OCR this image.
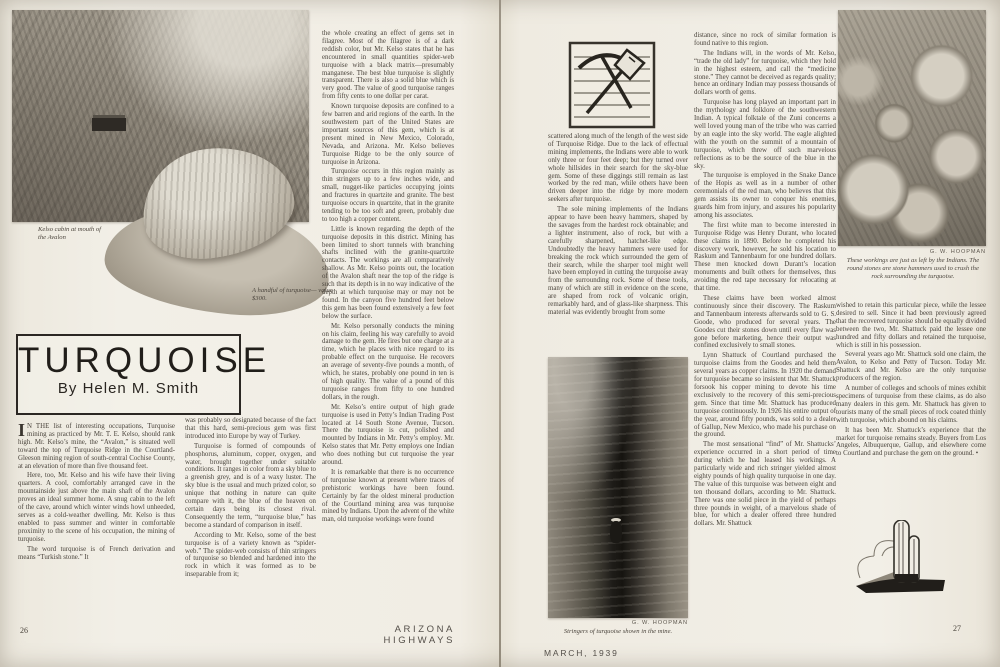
Kelso cabin at mouth of the Avalon
A handful of turquoise— value $300.
TURQUOISE
By Helen M. Smith

I N THE list of interesting occupations, Turquoise mining as practiced by Mr. T. E. Kelso, should rank high. Mr. Kelso’s mine, the “Avalon,” is situated well toward the top of Turquoise Ridge in the Courtland-Gleeson mining region of south-central Cochise County, at an elevation of more than five thousand feet.

Here, too, Mr. Kelso and his wife have their living quarters. A cool, comfortably arranged cave in the mountainside just above the main shaft of the Avalon proves an ideal summer home. A snug cabin to the left of the cave, around which winter winds howl unheeded, serves as a cold-weather dwelling. Mr. Kelso is thus enabled to pass summer and winter in comfortable proximity to the scene of his occupation, the mining of turquoise.

The word turquoise is of French derivation and means “Turkish stone.” It

was probably so designated because of the fact that this hard, semi-precious gem was first introduced into Europe by way of Turkey.

Turquoise is formed of compounds of phosphorus, aluminum, copper, oxygen, and water, brought together under suitable conditions. It ranges in color from a sky blue to a greenish grey, and is of a waxy luster. The sky blue is the usual and much prized color, so unique that nothing in nature can quite compare with it, the blue of the heaven on certain days being its closest rival. Consequently the term, “turquoise blue,” has become a standard of comparison in itself.

According to Mr. Kelso, some of the best turquoise is of a variety known as “spider-web.” The spider-web consists of thin stringers of turquoise so blended and hardened into the rock in which it was formed as to be inseparable from it;

the whole creating an effect of gems set in filagree. Most of the filagree is of a dark reddish color, but Mr. Kelso states that he has encountered in small quantities spider-web turquoise with a black matrix—presumably manganese. The best blue turquoise is slightly transparent. There is also a solid blue which is very good. The value of good turquoise ranges from fifty cents to one dollar per carat.

Known turquoise deposits are confined to a few barren and arid regions of the earth. In the southwestern part of the United States are important sources of this gem, which is at present mined in New Mexico, Colorado, Nevada, and Arizona. Mr. Kelso believes Turquoise Ridge to be the only source of turquoise in Arizona.

Turquoise occurs in this region mainly as thin stringers up to a few inches wide, and small, nugget-like particles occupying joints and fractures in quartzite and granite. The best turquoise occurs in quartzite, that in the granite tending to be too soft and green, probably due to too high a copper content.

Little is known regarding the depth of the turquoise deposits in this district. Mining has been limited to short tunnels with branching shafts inclined with the granite-quartzite contacts. The workings are all comparatively shallow. As Mr. Kelso points out, the location of the Avalon shaft near the top of the ridge is such that its depth is in no way indicative of the depth at which turquoise may or may not be found. In the canyon five hundred feet below this gem has been found extensively a few feet below the surface.

Mr. Kelso personally conducts the mining on his claim, feeling his way carefully to avoid damage to the gem. He fires but one charge at a time, which he places with nice regard to its probable effect on the turquoise. He recovers an average of seventy-five pounds a month, of which, he states, probably one pound in ten is of high quality. The value of a pound of this turquoise ranges from fifty to one hundred dollars, in the rough.

Mr. Kelso’s entire output of high grade turquoise is used in Petty’s Indian Trading Post located at 14 South Stone Avenue, Tucson. There the turquoise is cut, polished and mounted by Indians in Mr. Petty’s employ. Mr. Kelso states that Mr. Petty employs one Indian who does nothing but cut turquoise the year around.

It is remarkable that there is no occurrence of turquoise known at present where traces of prehistoric workings have been found. Certainly by far the oldest mineral production of the Courtland mining area was turquoise mined by Indians. Upon the advent of the white man, old turquoise workings were found

26	ARIZONA HIGHWAYS

scattered along much of the length of the west side of Turquoise Ridge. Due to the lack of effectual mining implements, the Indians were able to work only three or four feet deep; but they turned over whole hillsides in their search for the sky-blue gem. Some of these diggings still remain as last worked by the red man, while others have been driven deeper into the ridge by more modern seekers after turquoise.

The sole mining implements of the Indians appear to have been heavy hammers, shaped by the savages from the hardest rock obtainable; and a lighter instrument, also of rock, but with a carefully sharpened, hatchet-like edge. Undoubtedly the heavy hammers were used for breaking the rock which surrounded the gem of their search, while the sharper tool might well have been employed in cutting the turquoise away from the surrounding rock. Some of these tools, many of which are still in evidence on the scene, are shaped from rock of volcanic origin, remarkably hard, and of glass-like sharpness. This material was evidently brought from some

G. W. HOOPMAN
Stringers of turquoise shown in the mine.

distance, since no rock of similar formation is found native to this region.

The Indians will, in the words of Mr. Kelso, “trade the old lady” for turquoise, which they hold in the highest esteem, and call the “medicine stone.” They cannot be deceived as regards quality; hence an ordinary Indian may possess thousands of dollars worth of gems.

Turquoise has long played an important part in the mythology and folklore of the southwestern Indian. A typical folktale of the Zuni concerns a well loved young man of the tribe who was carried by an eagle into the sky world. The eagle alighted with the youth on the summit of a mountain of turquoise, which threw off such marvelous reflections as to be the source of the blue in the sky.

The turquoise is employed in the Snake Dance of the Hopis as well as in a number of other ceremonials of the red man, who believes that this gem assists its owner to conquer his enemies, guards him from injury, and assures his popularity among his associates.

The first white man to become interested in Turquoise Ridge was Henry Durant, who located these claims in 1890. Before he completed his discovery work, however, he sold his location to Raskum and Tannenbaum for one hundred dollars. These men knocked down Durant’s location monuments and built others for themselves, thus avoiding the red tape necessary for relocating at that time.

These claims have been worked almost continuously since their discovery. The Raskum and Tannenbaum interests afterwards sold to G. S. Goode, who produced for several years. The Goodes cut their stones down until every flaw was gone before marketing, hence their output was confined exclusively to small stones.

Lynn Shattuck of Courtland purchased the turquoise claims from the Goodes and held them several years as copper claims. In 1920 the demand for turquoise became so insistent that Mr. Shattuck forsook his copper mining to devote his time exclusively to the recovery of this semi-precious gem. Since that time Mr. Shattuck has produced turquoise continuously. In 1926 his entire output of the year, around fifty pounds, was sold to a dealer of Gallup, New Mexico, who made his purchase on the ground.

The most sensational “find” of Mr. Shattucks’ experience occurred in a short period of time during which he had leased his workings. A particularly wide and rich stringer yielded almost eighty pounds of high quality turquoise in one day. The value of this turquoise was between eight and ten thousand dollars, according to Mr. Shattuck. There was one solid piece in the yield of perhaps three pounds in weight, of a marvelous shade of blue, for which a dealer offered three hundred dollars. Mr. Shattuck

G. W. HOOPMAN
These workings are just as left by the Indians. The round stones are stone hammers used to crush the rock surrounding the turquoise.

wished to retain this particular piece, while the lessee desired to sell. Since it had been previously agreed that the recovered turquoise should be equally divided between the two, Mr. Shattuck paid the lessee one hundred and fifty dollars and retained the turquoise, which is still in his possession.

Several years ago Mr. Shattuck sold one claim, the Avalon, to Kelso and Petty of Tucson. Today Mr. Shattuck and Mr. Kelso are the only turquoise producers of the region.

A number of colleges and schools of mines exhibit specimens of turquoise from these claims, as do also many dealers in this gem. Mr. Shattuck has given to tourists many of the small pieces of rock coated thinly with turquoise, which abound on his claims.

It has been Mr. Shattuck’s experience that the market for turquoise remains steady. Buyers from Los Angeles, Albuquerque, Gallup, and elsewhere come to Courtland and purchase the gem on the ground. •

MARCH, 1939
27
